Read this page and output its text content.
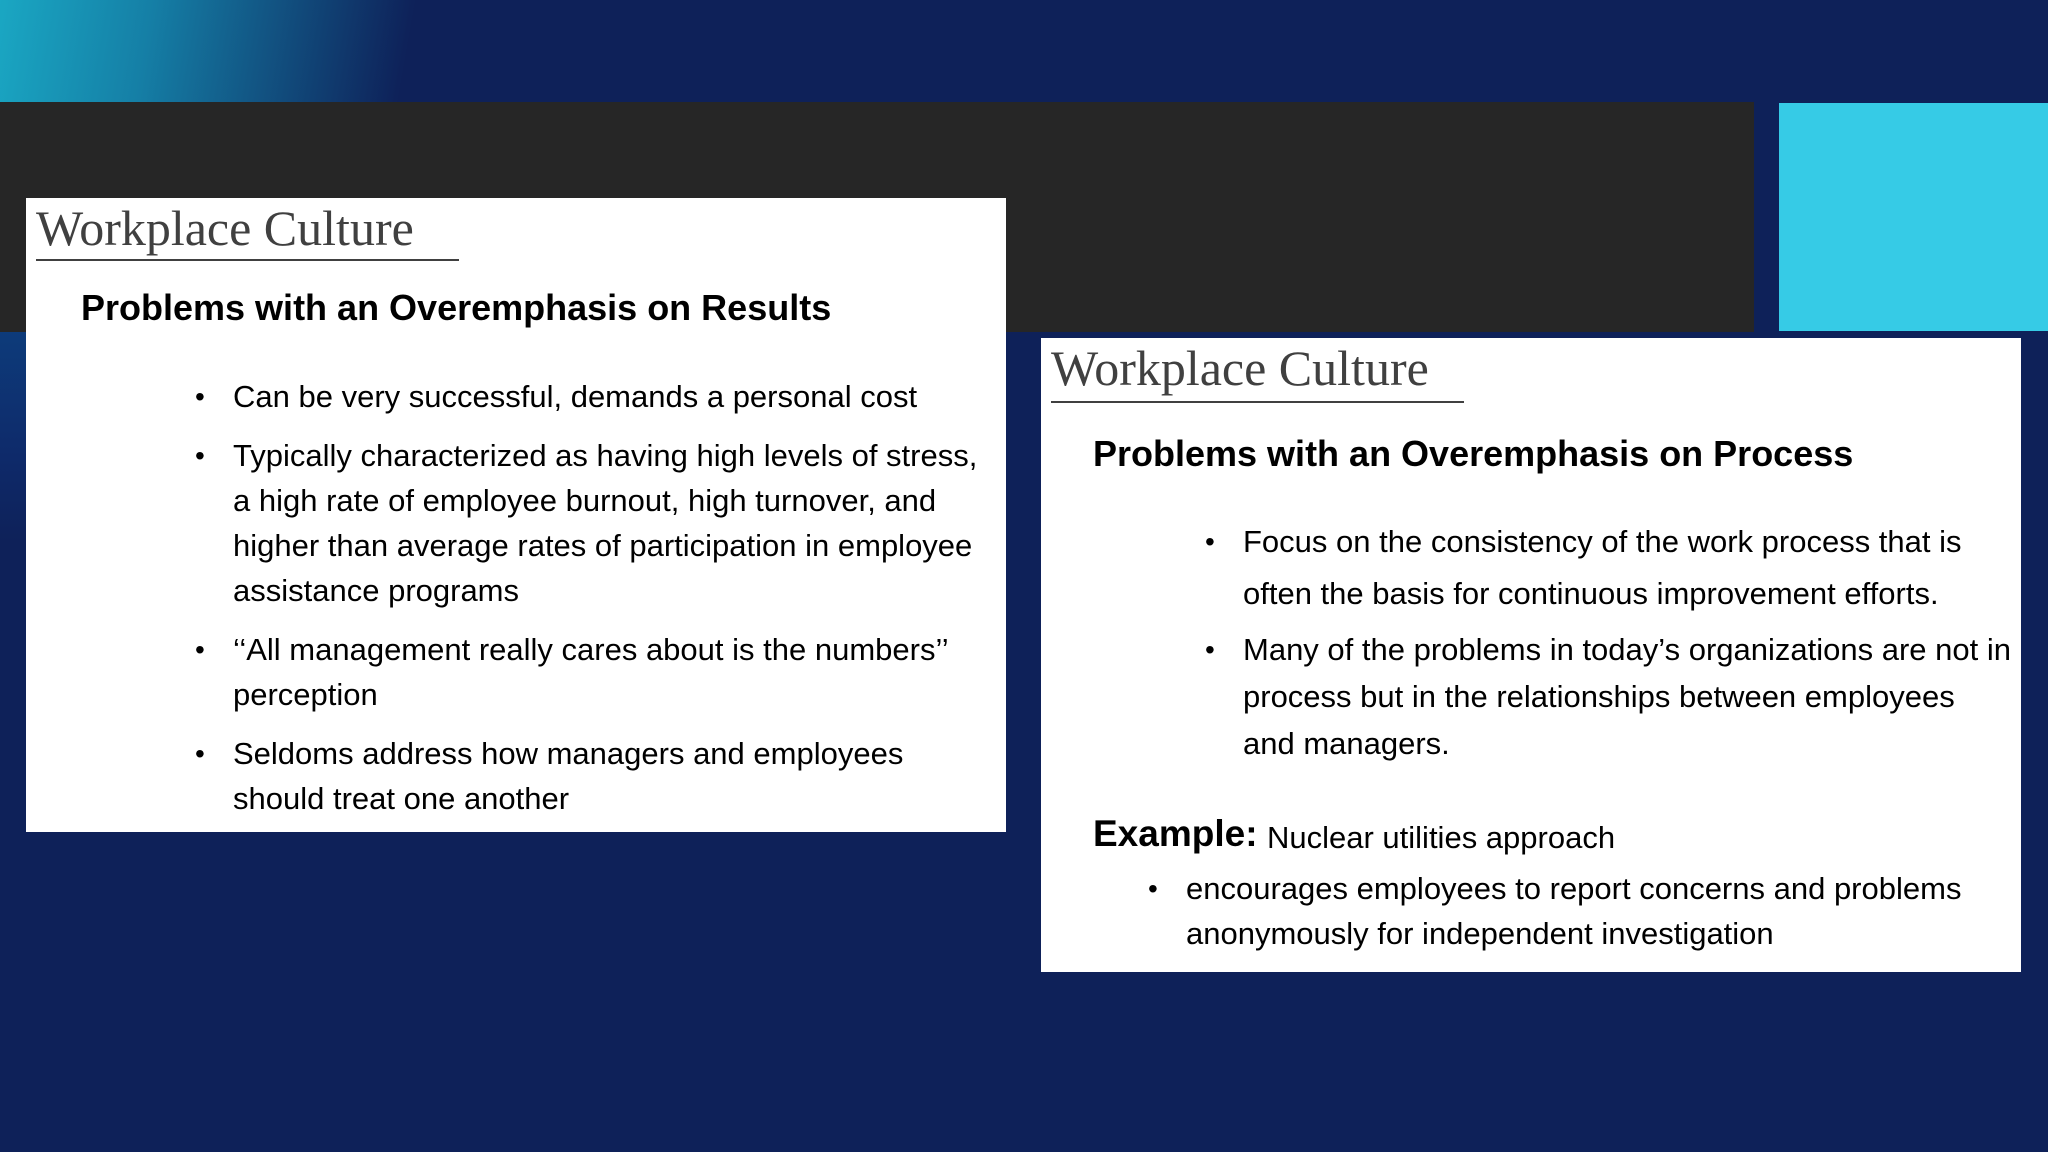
Workplace Culture
Problems with an Overemphasis on Results
• Can be very successful, demands a personal cost
• Typically characterized as having high levels of stress, a high rate of employee burnout, high turnover, and higher than average rates of participation in employee assistance programs
• ‘‘All management really cares about is the numbers’’ perception
• Seldoms address how managers and employees should treat one another
Workplace Culture
Problems with an Overemphasis on Process
• Focus on the consistency of the work process that is often the basis for continuous improvement efforts.
• Many of the problems in today’s organizations are not in process but in the relationships between employees and managers.
Example: Nuclear utilities approach
• encourages employees to report concerns and problems anonymously for independent investigation
